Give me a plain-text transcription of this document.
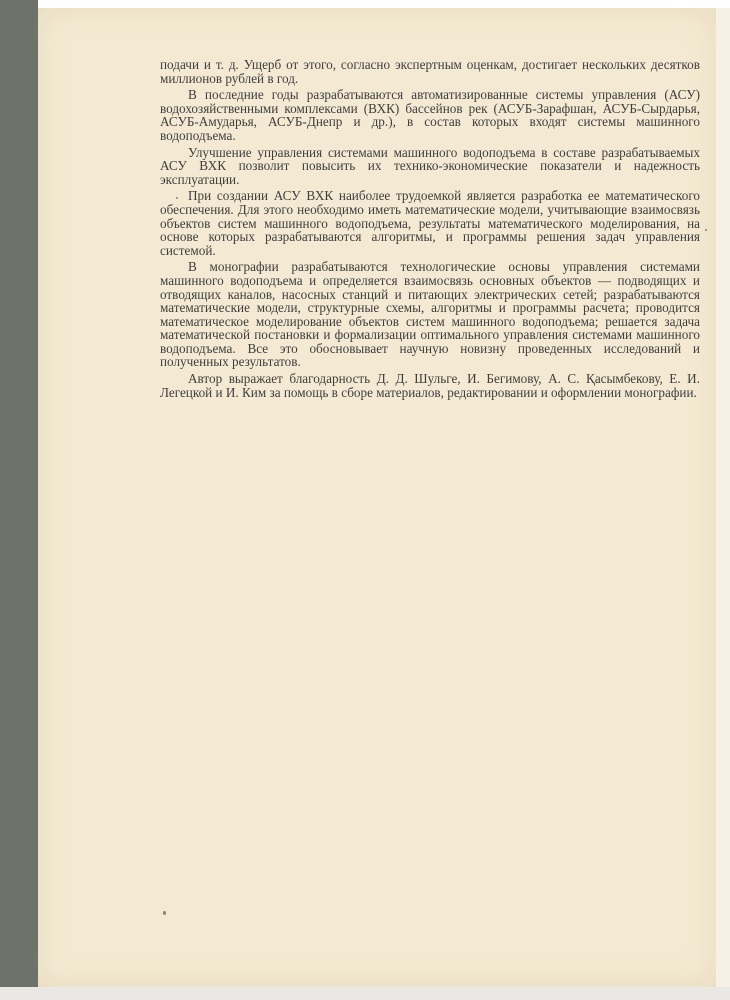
подачи и т. д. Ущерб от этого, согласно экспертным оценкам, достигает нескольких десятков миллионов рублей в год.

В последние годы разрабатываются автоматизированные системы управления (АСУ) водохозяйственными комплексами (ВХК) бассейнов рек (АСУБ-Зарафшан, АСУБ-Сырдарья, АСУБ-Амударья, АСУБ-Днепр и др.), в состав которых входят системы машинного водоподъема.

Улучшение управления системами машинного водоподъема в составе разрабатываемых АСУ ВХК позволит повысить их технико-экономические показатели и надежность эксплуатации.

При создании АСУ ВХК наиболее трудоемкой является разработка ее математического обеспечения. Для этого необходимо иметь математические модели, учитывающие взаимосвязь объектов систем машинного водоподъема, результаты математического моделирования, на основе которых разрабатываются алгоритмы, и программы решения задач управления системой.

В монографии разрабатываются технологические основы управления системами машинного водоподъема и определяется взаимосвязь основных объектов — подводящих и отводящих каналов, насосных станций и питающих электрических сетей; разрабатываются математические модели, структурные схемы, алгоритмы и программы расчета; проводится математическое моделирование объектов систем машинного водоподъема; решается задача математической постановки и формализации оптимального управления системами машинного водоподъема. Все это обосновывает научную новизну проведенных исследований и полученных результатов.

Автор выражает благодарность Д. Д. Шульге, И. Бегимову, А. С. Қасымбекову, Е. И. Легецкой и И. Ким за помощь в сборе материалов, редактировании и оформлении монографии.
